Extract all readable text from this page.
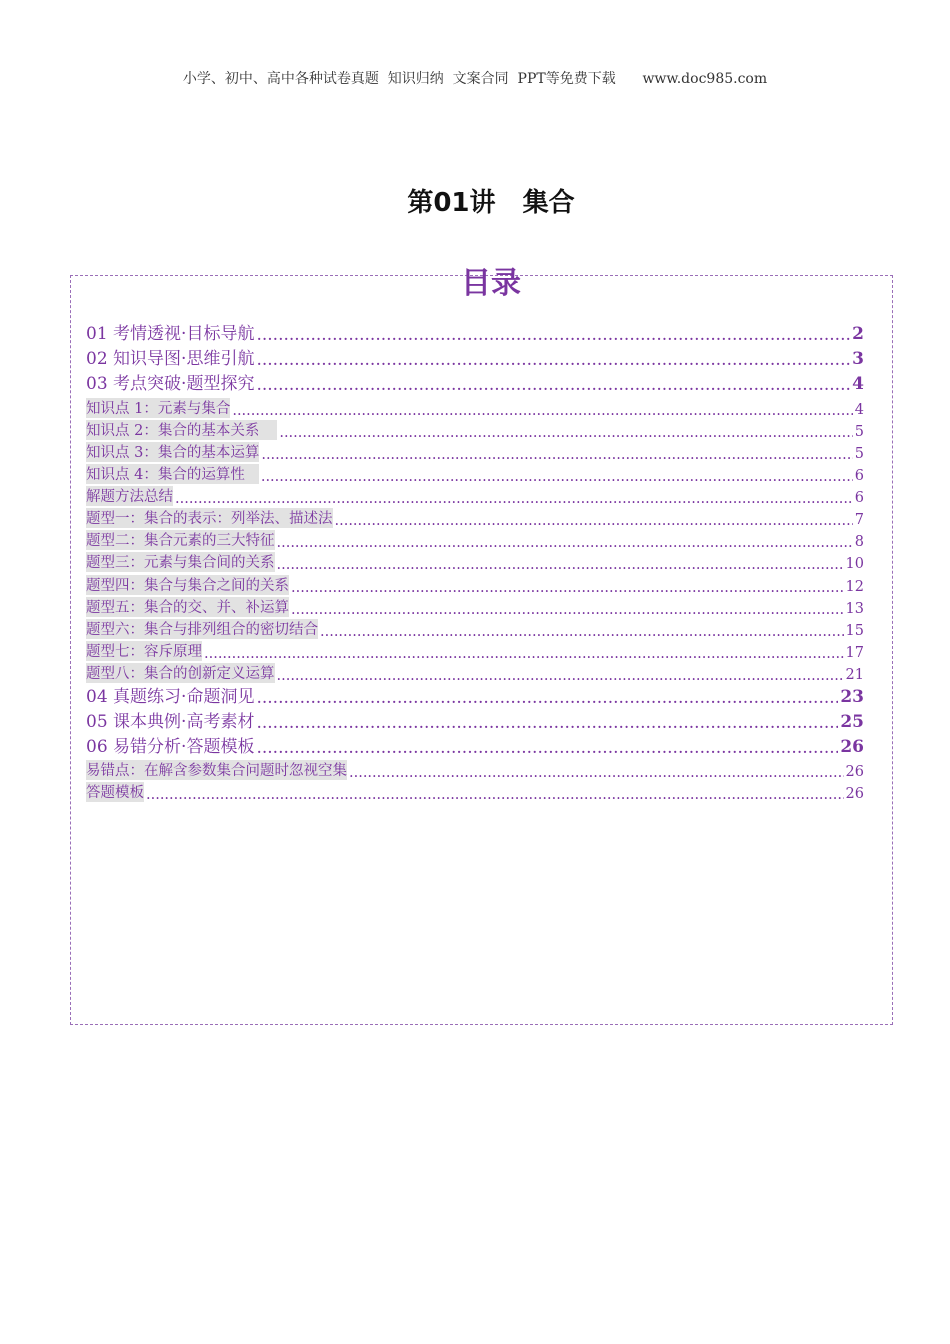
小学、初中、高中各种试卷真题  知识归纳  文案合同  PPT等免费下载      www.doc985.com
第01讲   集合
目录
01 考情透视·目标导航 .....	2
02 知识导图·思维引航 .....	3
03 考点突破·题型探究 .....	4
知识点 1：元素与集合 .....	4
知识点 2：集合的基本关系 .....	5
知识点 3：集合的基本运算 .....	5
知识点 4：集合的运算性 .....	6
解题方法总结 .....	6
题型一：集合的表示：列举法、描述法 .....	7
题型二：集合元素的三大特征 .....	8
题型三：元素与集合间的关系 .....	10
题型四：集合与集合之间的关系 .....	12
题型五：集合的交、并、补运算 .....	13
题型六：集合与排列组合的密切结合 .....	15
题型七：容斥原理 .....	17
题型八：集合的创新定义运算 .....	21
04 真题练习·命题洞见 .....	23
05 课本典例·高考素材 .....	25
06 易错分析·答题模板 .....	26
易错点：在解含参数集合问题时忽视空集 .....	26
答题模板 .....	26
